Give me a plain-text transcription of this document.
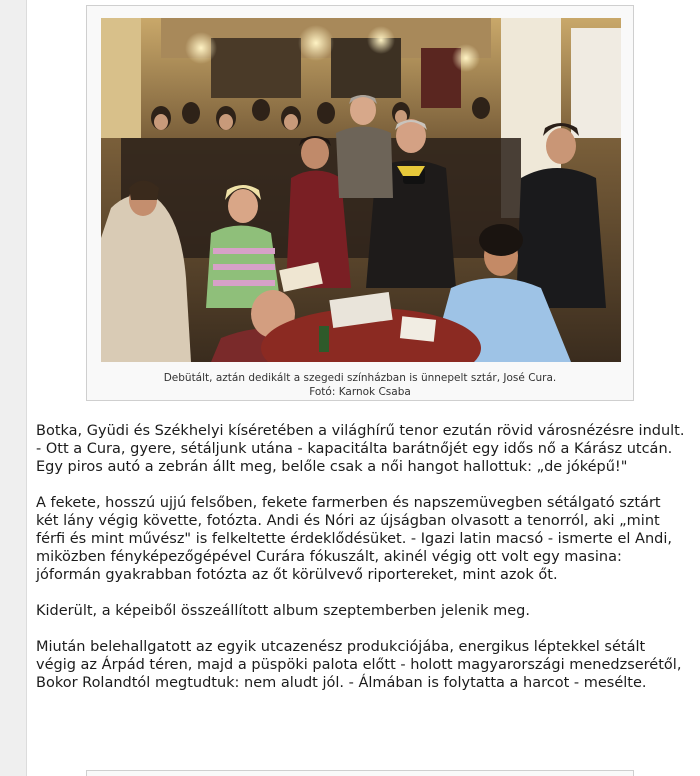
Debütált, aztán dedikált a szegedi színházban is ünnepelt sztár, José Cura.
Fotó: Karnok Csaba

Botka, Gyüdi és Székhelyi kíséretében a világhírű tenor ezután rövid városnézésre indult. - Ott a Cura, gyere, sétáljunk utána - kapacitálta barátnőjét egy idős nő a Kárász utcán. Egy piros autó a zebrán állt meg, belőle csak a női hangot hallottuk: „de jóképű!"

A fekete, hosszú ujjú felsőben, fekete farmerben és napszemüvegben sétálgató sztárt két lány végig követte, fotózta. Andi és Nóri az újságban olvasott a tenorról, aki „mint férfi és mint művész" is felkeltette érdeklődésüket. - Igazi latin macsó - ismerte el Andi, miközben fényképezőgépével Curára fókuszált, akinél végig ott volt egy masina: jóformán gyakrabban fotózta az őt körülvevő riportereket, mint azok őt.

Kiderült, a képeiből összeállított album szeptemberben jelenik meg.

Miután belehallgatott az egyik utcazenész produkciójába, energikus léptekkel sétált végig az Árpád téren, majd a püspöki palota előtt - holott magyarországi menedzserétől, Bokor Rolandtól megtudtuk: nem aludt jól. - Álmában is folytatta a harcot - mesélte.
